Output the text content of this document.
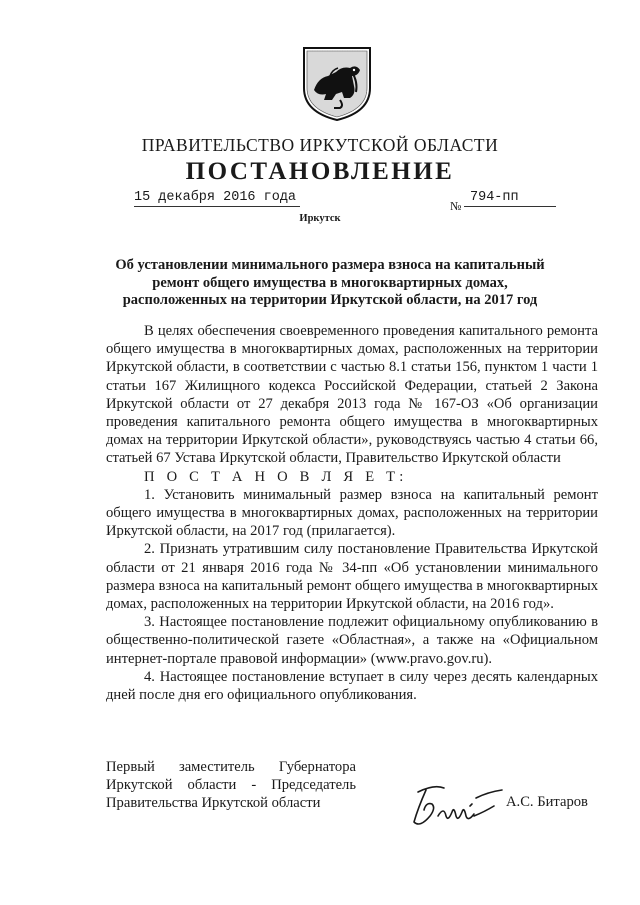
ПРАВИТЕЛЬСТВО ИРКУТСКОЙ ОБЛАСТИ
ПОСТАНОВЛЕНИЕ
15 декабря 2016 года
№
794-пп
Иркутск
Об установлении минимального размера взноса на капитальный
ремонт общего имущества в многоквартирных домах,
расположенных на территории Иркутской области, на 2017 год

В целях обеспечения своевременного проведения капитального ремонта общего имущества в многоквартирных домах, расположенных на территории Иркутской области, в соответствии с частью 8.1 статьи 156, пунктом 1 части 1 статьи 167 Жилищного кодекса Российской Федерации, статьей 2 Закона Иркутской области от 27 декабря 2013 года № 167-ОЗ «Об организации проведения капитального ремонта общего имущества в многоквартирных домах на территории Иркутской области», руководствуясь частью 4 статьи 66, статьей 67 Устава Иркутской области, Правительство Иркутской области

П О С Т А Н О В Л Я Е Т:

1. Установить минимальный размер взноса на капитальный ремонт общего имущества в многоквартирных домах, расположенных на территории Иркутской области, на 2017 год (прилагается).

2. Признать утратившим силу постановление Правительства Иркутской области от 21 января 2016 года № 34-пп «Об установлении минимального размера взноса на капитальный ремонт общего имущества в многоквартирных домах, расположенных на территории Иркутской области, на 2016 год».

3. Настоящее постановление подлежит официальному опубликованию в общественно-политической газете «Областная», а также на «Официальном интернет-портале правовой информации» (www.pravo.gov.ru).

4. Настоящее постановление вступает в силу через десять календарных дней после дня его официального опубликования.

Первый заместитель Губернатора
Иркутской области - Председатель
Правительства Иркутской области	А.С. Битаров
